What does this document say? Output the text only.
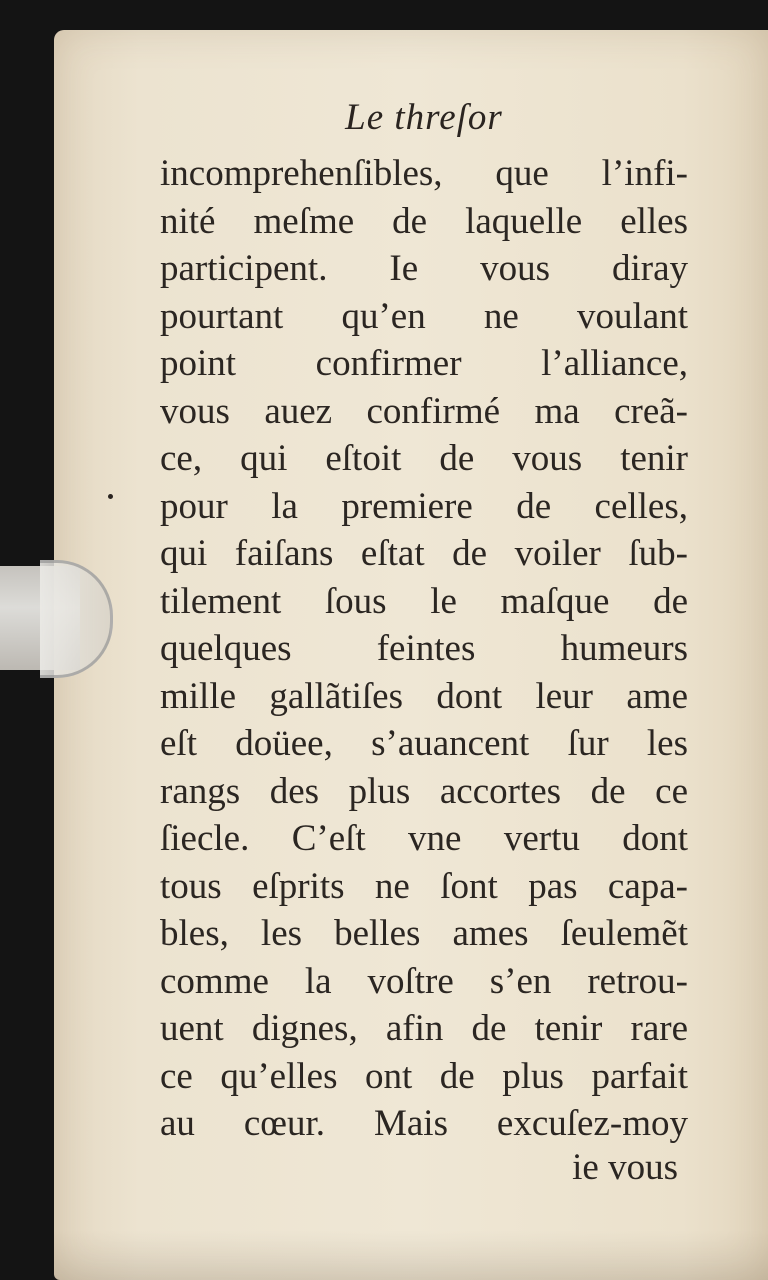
Le threſor
incomprehenſibles, que l’infi-
nité meſme de laquelle elles
participent. Ie vous diray
pourtant qu’en ne voulant
point confirmer l’alliance,
vous auez confirmé ma creã-
ce, qui eſtoit de vous tenir
pour la premiere de celles,
qui faiſans eſtat de voiler ſub-
tilement ſous le maſque de
quelques feintes humeurs
mille gallãtiſes dont leur ame
eſt doüee, s’auancent ſur les
rangs des plus accortes de ce
ſiecle. C’eſt vne vertu dont
tous eſprits ne ſont pas capa-
bles, les belles ames ſeulemẽt
comme la voſtre s’en retrou-
uent dignes, afin de tenir rare
ce qu’elles ont de plus parfait
au cœur. Mais excuſez-moy
ie vous
